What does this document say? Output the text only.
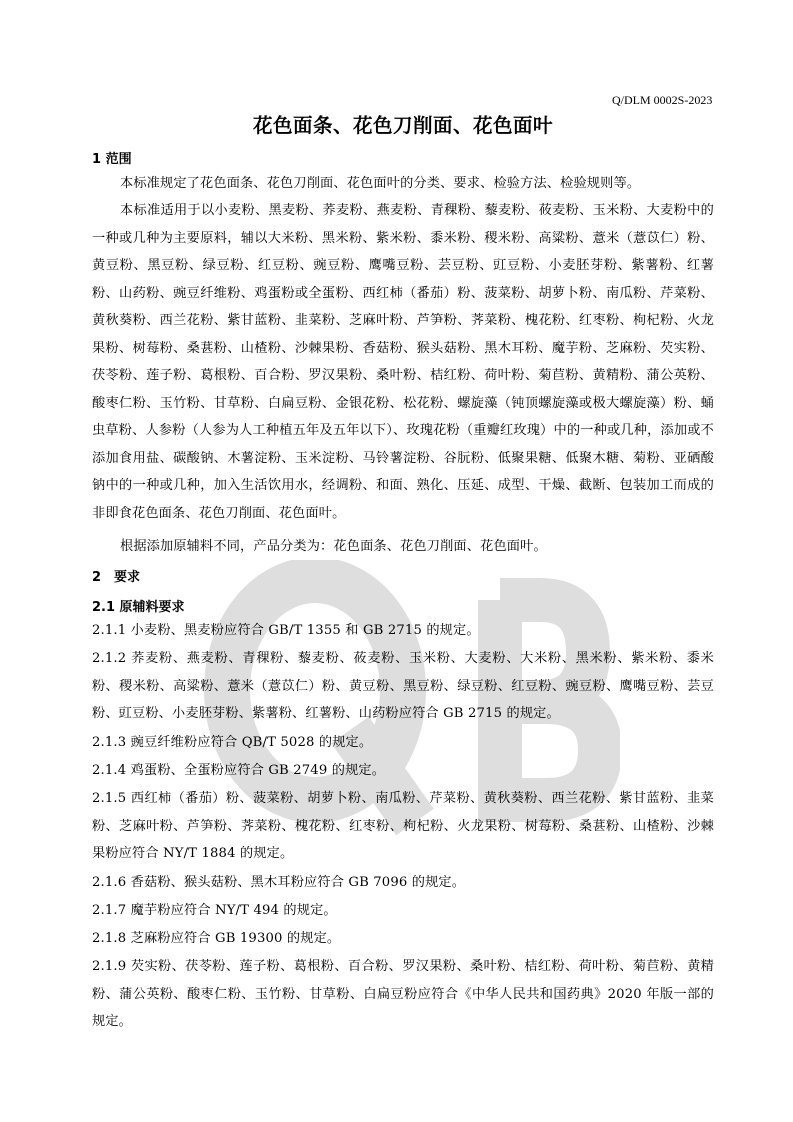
Q/DLM 0002S-2023
花色面条、花色刀削面、花色面叶
1 范围
本标准规定了花色面条、花色刀削面、花色面叶的分类、要求、检验方法、检验规则等。
本标准适用于以小麦粉、黑麦粉、荞麦粉、燕麦粉、青稞粉、藜麦粉、莜麦粉、玉米粉、大麦粉中的一种或几种为主要原料，辅以大米粉、黑米粉、紫米粉、黍米粉、稷米粉、高粱粉、薏米（薏苡仁）粉、黄豆粉、黑豆粉、绿豆粉、红豆粉、豌豆粉、鹰嘴豆粉、芸豆粉、豇豆粉、小麦胚芽粉、紫薯粉、红薯粉、山药粉、豌豆纤维粉、鸡蛋粉或全蛋粉、西红柿（番茄）粉、菠菜粉、胡萝卜粉、南瓜粉、芹菜粉、黄秋葵粉、西兰花粉、紫甘蓝粉、韭菜粉、芝麻叶粉、芦笋粉、荠菜粉、槐花粉、红枣粉、枸杞粉、火龙果粉、树莓粉、桑葚粉、山楂粉、沙棘果粉、香菇粉、猴头菇粉、黑木耳粉、魔芋粉、芝麻粉、芡实粉、茯苓粉、莲子粉、葛根粉、百合粉、罗汉果粉、桑叶粉、桔红粉、荷叶粉、菊苣粉、黄精粉、蒲公英粉、酸枣仁粉、玉竹粉、甘草粉、白扁豆粉、金银花粉、松花粉、螺旋藻（钝顶螺旋藻或极大螺旋藻）粉、蛹虫草粉、人参粉（人参为人工种植五年及五年以下）、玫瑰花粉（重瓣红玫瑰）中的一种或几种，添加或不添加食用盐、碳酸钠、木薯淀粉、玉米淀粉、马铃薯淀粉、谷朊粉、低聚果糖、低聚木糖、菊粉、亚硒酸钠中的一种或几种，加入生活饮用水，经调粉、和面、熟化、压延、成型、干燥、截断、包装加工而成的非即食花色面条、花色刀削面、花色面叶。
根据添加原辅料不同，产品分类为：花色面条、花色刀削面、花色面叶。
2　要求
2.1 原辅料要求
2.1.1 小麦粉、黑麦粉应符合 GB/T 1355 和 GB 2715 的规定。
2.1.2 荞麦粉、燕麦粉、青稞粉、藜麦粉、莜麦粉、玉米粉、大麦粉、大米粉、黑米粉、紫米粉、黍米粉、稷米粉、高粱粉、薏米（薏苡仁）粉、黄豆粉、黑豆粉、绿豆粉、红豆粉、豌豆粉、鹰嘴豆粉、芸豆粉、豇豆粉、小麦胚芽粉、紫薯粉、红薯粉、山药粉应符合 GB 2715 的规定。
2.1.3 豌豆纤维粉应符合 QB/T 5028 的规定。
2.1.4 鸡蛋粉、全蛋粉应符合 GB 2749 的规定。
2.1.5 西红柿（番茄）粉、菠菜粉、胡萝卜粉、南瓜粉、芹菜粉、黄秋葵粉、西兰花粉、紫甘蓝粉、韭菜粉、芝麻叶粉、芦笋粉、荠菜粉、槐花粉、红枣粉、枸杞粉、火龙果粉、树莓粉、桑葚粉、山楂粉、沙棘果粉应符合 NY/T 1884 的规定。
2.1.6 香菇粉、猴头菇粉、黑木耳粉应符合 GB 7096 的规定。
2.1.7 魔芋粉应符合 NY/T 494 的规定。
2.1.8 芝麻粉应符合 GB 19300 的规定。
2.1.9 芡实粉、茯苓粉、莲子粉、葛根粉、百合粉、罗汉果粉、桑叶粉、桔红粉、荷叶粉、菊苣粉、黄精粉、蒲公英粉、酸枣仁粉、玉竹粉、甘草粉、白扁豆粉应符合《中华人民共和国药典》2020 年版一部的规定。
